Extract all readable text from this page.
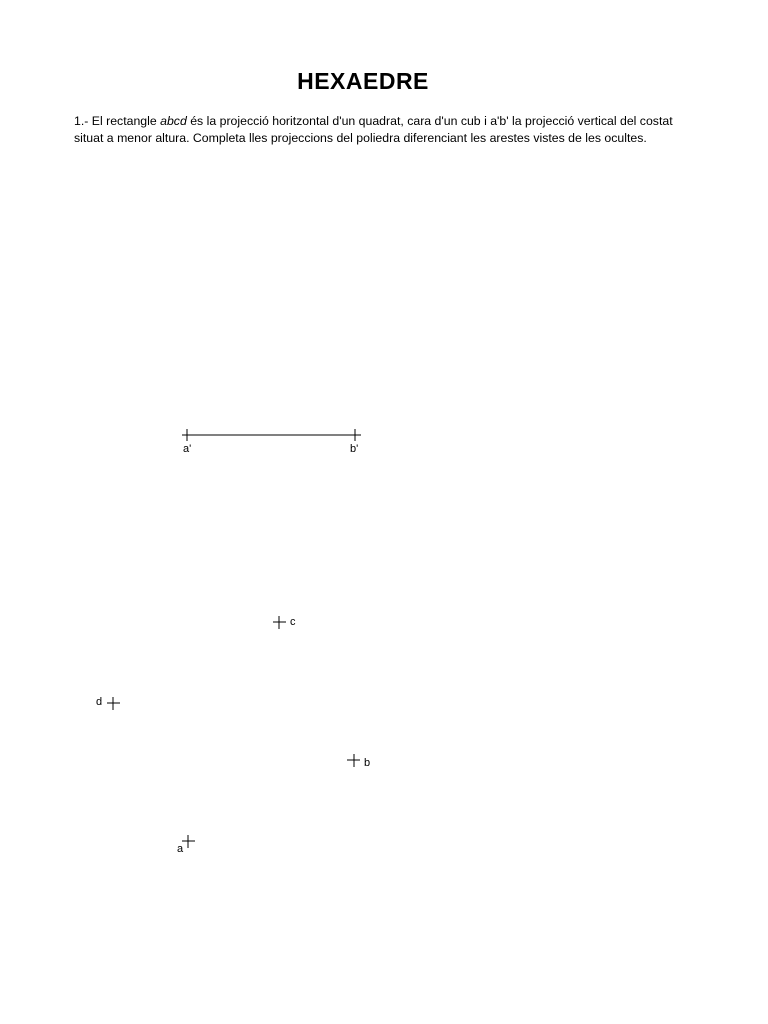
HEXAEDRE
1.- El rectangle abcd és la projecció horitzontal d'un quadrat, cara d'un cub i a'b' la projecció vertical del costat situat a menor altura. Completa lles projeccions del poliedra diferenciant les arestes vistes de les ocultes.
a'	b'
c
d
b
a
